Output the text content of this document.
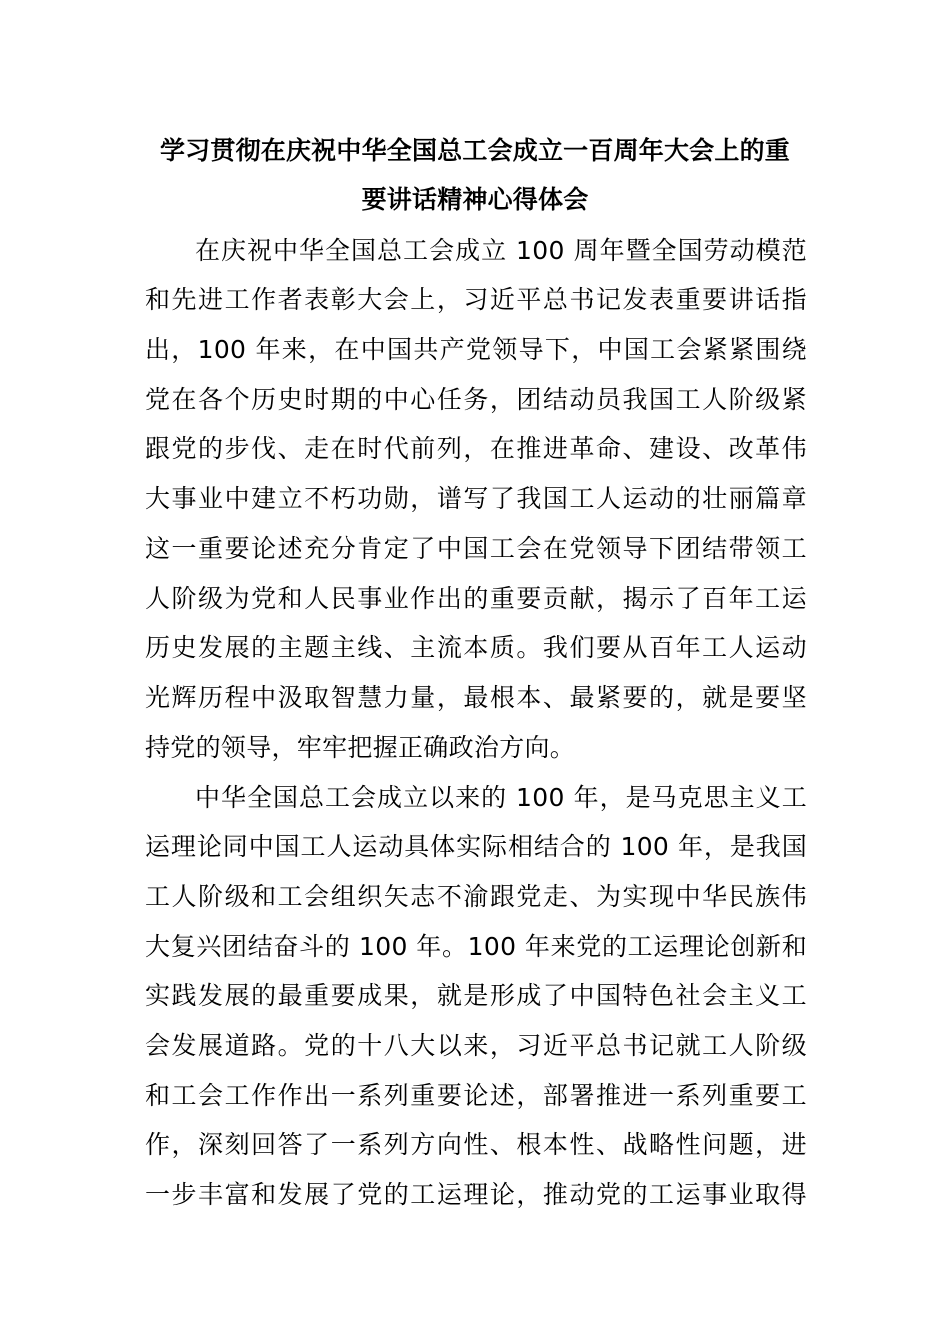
学习贯彻在庆祝中华全国总工会成立一百周年大会上的重
要讲话精神心得体会
在庆祝中华全国总工会成立 100 周年暨全国劳动模范
和先进工作者表彰大会上，习近平总书记发表重要讲话指
出，100 年来，在中国共产党领导下，中国工会紧紧围绕
党在各个历史时期的中心任务，团结动员我国工人阶级紧
跟党的步伐、走在时代前列，在推进革命、建设、改革伟
大事业中建立不朽功勋，谱写了我国工人运动的壮丽篇章
这一重要论述充分肯定了中国工会在党领导下团结带领工
人阶级为党和人民事业作出的重要贡献，揭示了百年工运
历史发展的主题主线、主流本质。我们要从百年工人运动
光辉历程中汲取智慧力量，最根本、最紧要的，就是要坚
持党的领导，牢牢把握正确政治方向。
中华全国总工会成立以来的 100 年，是马克思主义工
运理论同中国工人运动具体实际相结合的 100 年，是我国
工人阶级和工会组织矢志不渝跟党走、为实现中华民族伟
大复兴团结奋斗的 100 年。100 年来党的工运理论创新和
实践发展的最重要成果，就是形成了中国特色社会主义工
会发展道路。党的十八大以来，习近平总书记就工人阶级
和工会工作作出一系列重要论述，部署推进一系列重要工
作，深刻回答了一系列方向性、根本性、战略性问题，进
一步丰富和发展了党的工运理论，推动党的工运事业取得
